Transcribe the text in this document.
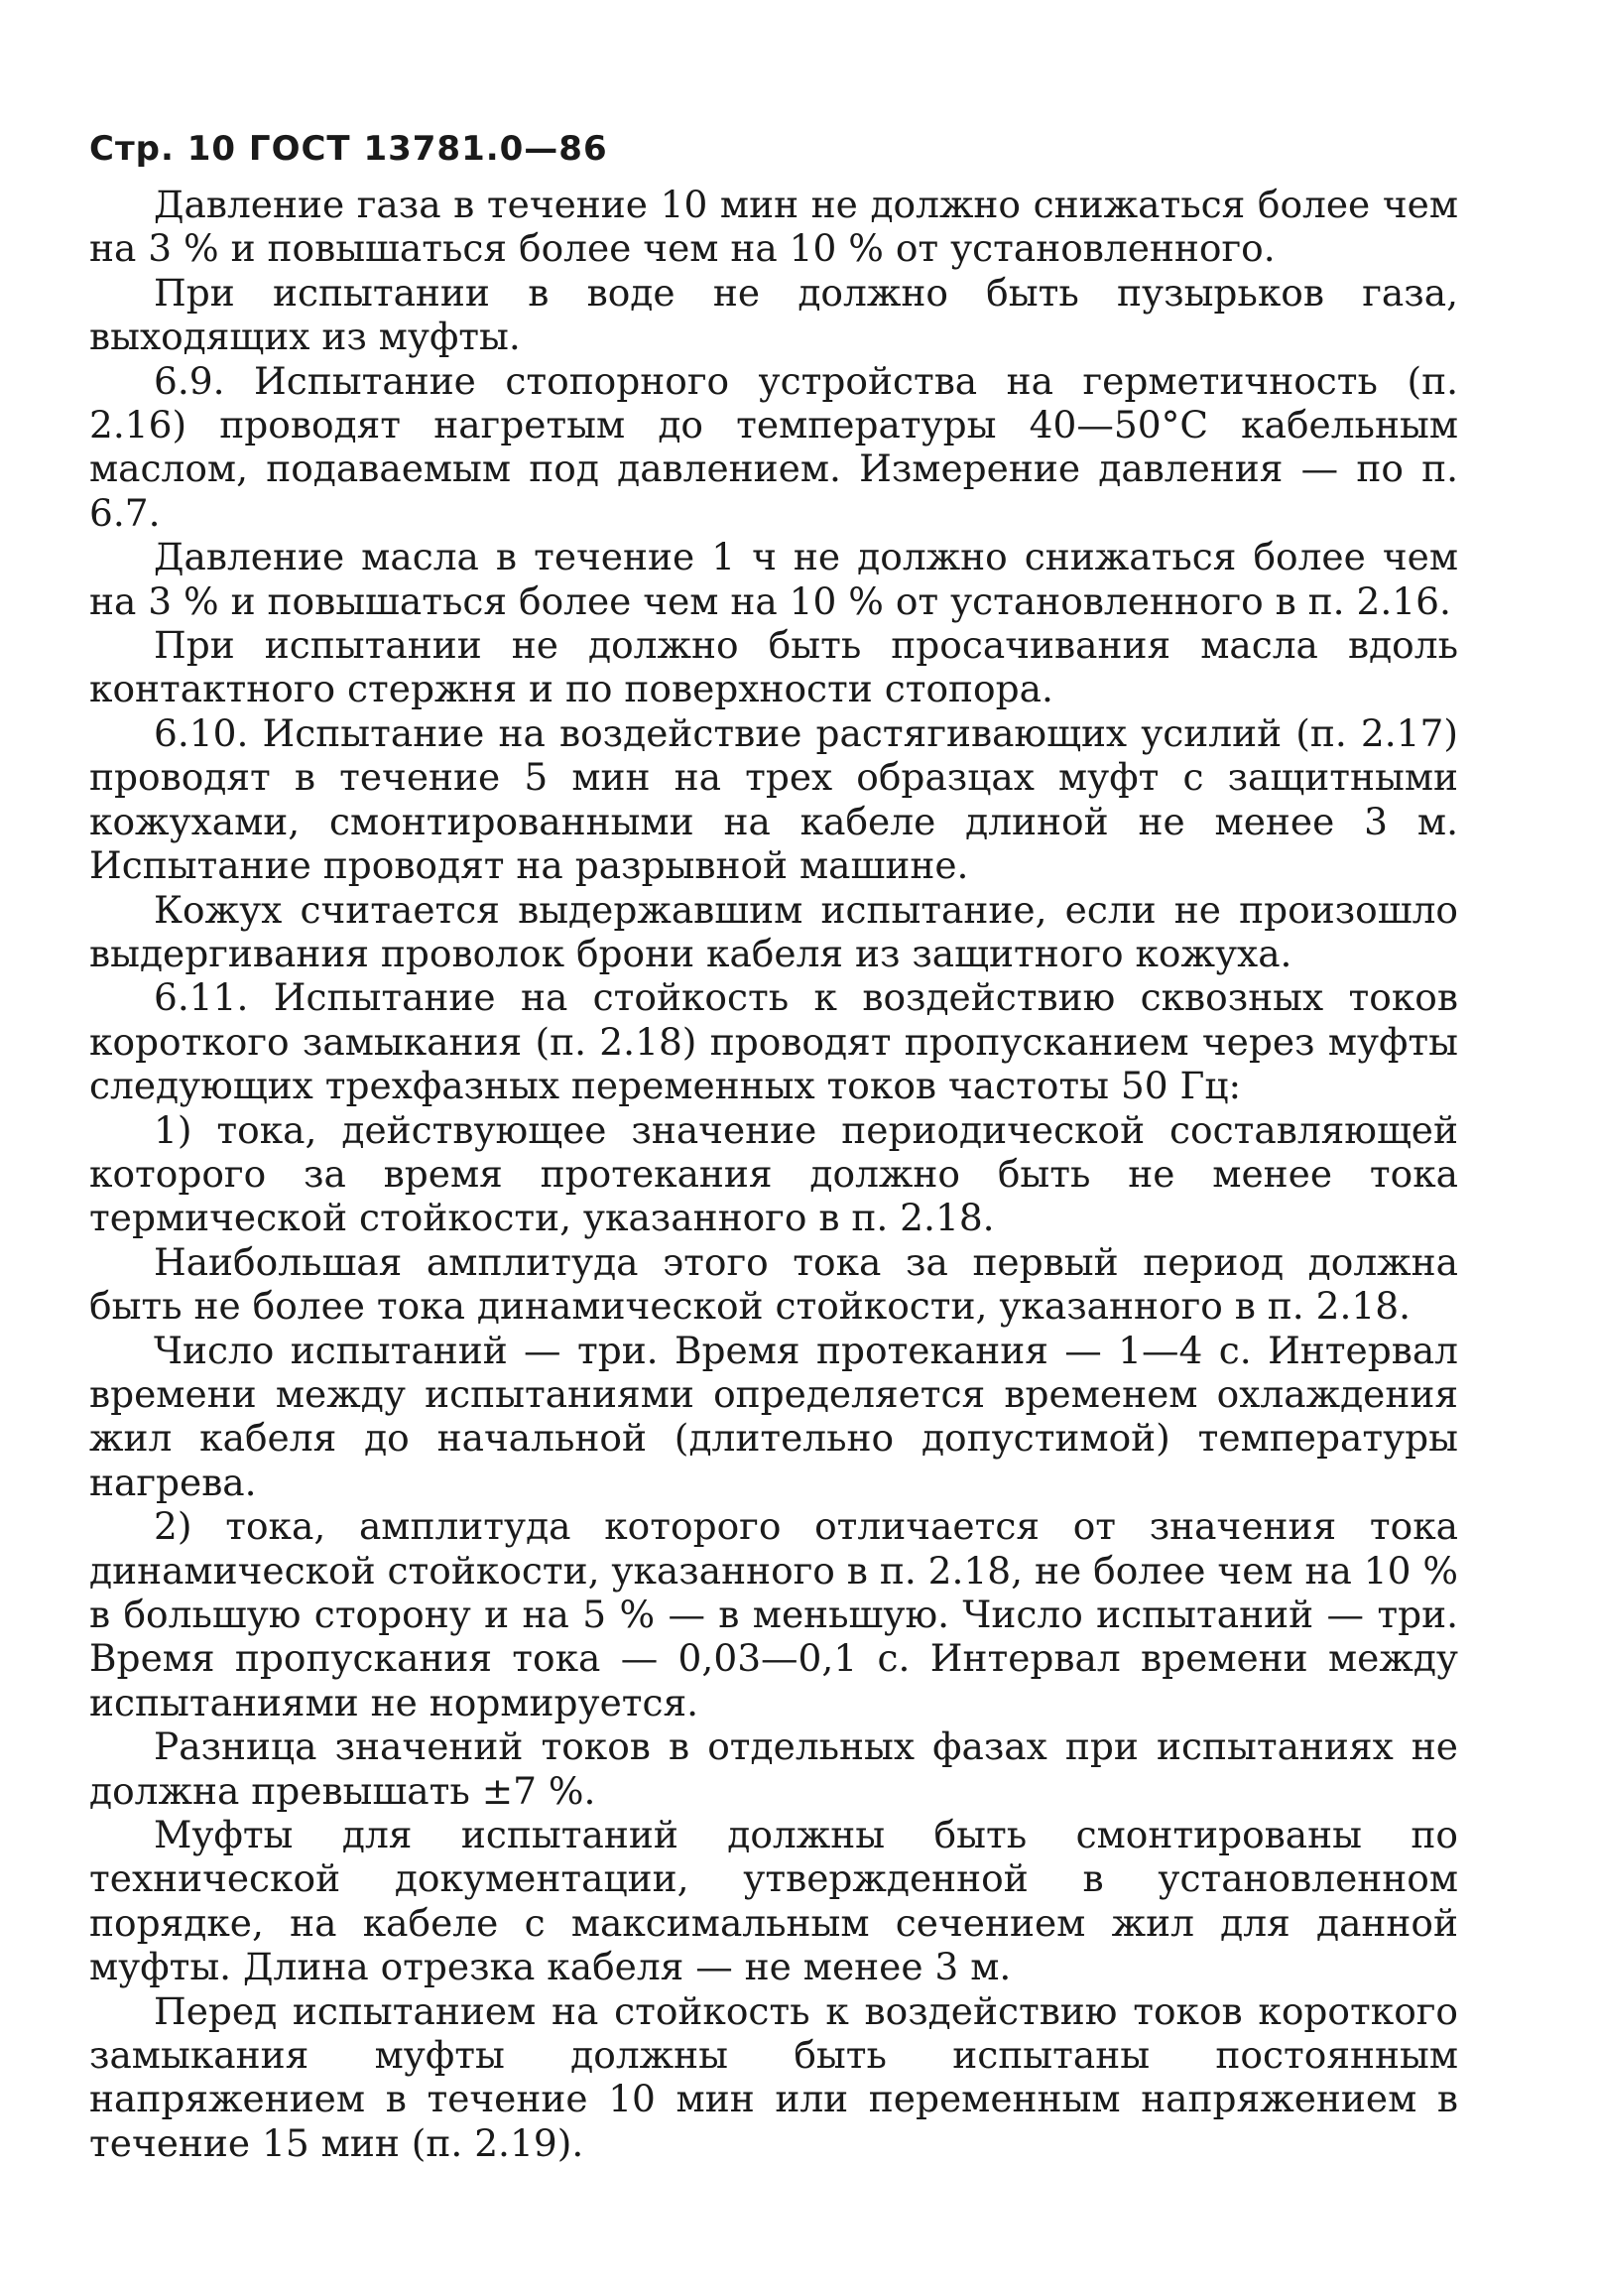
Стр. 10 ГОСТ 13781.0—86

Давление газа в течение 10 мин не должно снижаться более чем на 3 % и повышаться более чем на 10 % от установленного.

При испытании в воде не должно быть пузырьков газа, выходящих из муфты.

6.9. Испытание стопорного устройства на герметичность (п. 2.16) проводят нагретым до температуры 40—50°С кабельным маслом, подаваемым под давлением. Измерение давления — по п. 6.7.

Давление масла в течение 1 ч не должно снижаться более чем на 3 % и повышаться более чем на 10 % от установленного в п. 2.16.

При испытании не должно быть просачивания масла вдоль контактного стержня и по поверхности стопора.

6.10. Испытание на воздействие растягивающих усилий (п. 2.17) проводят в течение 5 мин на трех образцах муфт с защитными кожухами, смонтированными на кабеле длиной не менее 3 м. Испытание проводят на разрывной машине.

Кожух считается выдержавшим испытание, если не произошло выдергивания проволок брони кабеля из защитного кожуха.

6.11. Испытание на стойкость к воздействию сквозных токов короткого замыкания (п. 2.18) проводят пропусканием через муфты следующих трехфазных переменных токов частоты 50 Гц:

1) тока, действующее значение периодической составляющей которого за время протекания должно быть не менее тока термической стойкости, указанного в п. 2.18.

Наибольшая амплитуда этого тока за первый период должна быть не более тока динамической стойкости, указанного в п. 2.18.

Число испытаний — три. Время протекания — 1—4 с. Интервал времени между испытаниями определяется временем охлаждения жил кабеля до начальной (длительно допустимой) температуры нагрева.

2) тока, амплитуда которого отличается от значения тока динамической стойкости, указанного в п. 2.18, не более чем на 10 % в большую сторону и на 5 % — в меньшую. Число испытаний — три. Время пропускания тока — 0,03—0,1 с. Интервал времени между испытаниями не нормируется.

Разница значений токов в отдельных фазах при испытаниях не должна превышать ±7 %.

Муфты для испытаний должны быть смонтированы по технической документации, утвержденной в установленном порядке, на кабеле с максимальным сечением жил для данной муфты. Длина отрезка кабеля — не менее 3 м.

Перед испытанием на стойкость к воздействию токов короткого замыкания муфты должны быть испытаны постоянным напряжением в течение 10 мин или переменным напряжением в течение 15 мин (п. 2.19).
